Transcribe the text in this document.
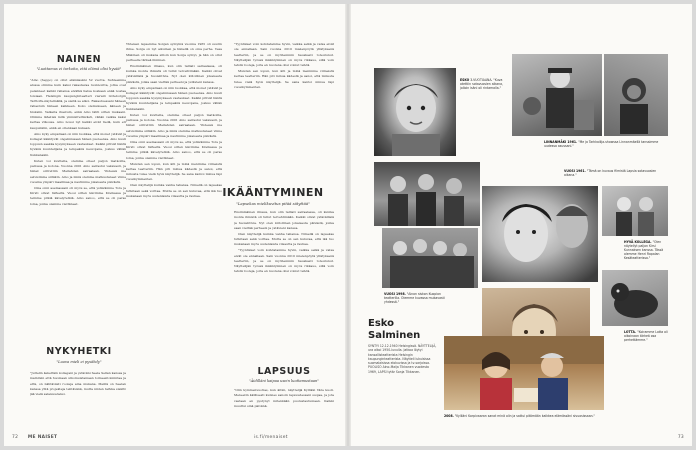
NAINEN
"Luottamus ei tarkoita, että elämä olisi hyvää"

"Aino (Seppo) on ollut elämässäni 52 vuotta. Suhteemme alussa olimme kuin kaksi rakastavaa luonnontta, jotka ovat pelanneet kaikki rahansa eivätkä halua koskaan enää nostaa toisiaan. Helsingin kaupunginteatteri vieraili Göteborgin Tarttoffe-näytelmällä, ja sieltä se alkoi. Rakastuessani häneen rahastuin häneen kaikkeen. Koko olemukseen, ääneen ja hiuksiin. Valkeita ihastuin, enkä Aino lähti sitten mukaani. Olimme lähetisä mitä ymmärrettävästi, vähän vaikka kaksi kertaa viikossa. Aino nousi nyt kaikki eivät tiedä, kuin eri kaupunkiin, enkä en ollenkaan kukaan.

Aino kyky empatiaan on niin luokkaa, että monet ystävät ja kollegat kääntyvät ongelmissaan hänen puoleensa. Aino kuuli loppuun saakka kysymykseen vastaukset. Kaikki pitivät häntä hyvänä kuuntelijana ja lempeänä neuvojana, joskus vähän tiukkanakin.

Kuten voi kuvitella, olemme olleet paljon matkoilla, pallossa ja kotona. Vuonna 2001 Aino sairastui vakavasti, ja hänet siirrettiin Meilahden sairaalaan. Yhdessä me selvisimme siitäkin. Aino ja minä olemme matkustaneet viime vuosina ympäri maailmaa ja nautimme jokaisesta päivästä.

Oma onni asemassani oli myös se, että ystävämme Tore ja Kirsti olivat tärkeitä. Vuosi sitten kävimme Kreikassa ja teimme pitkiä kävelyretkiä. Aino sanoo, että se oli paras loma, jonka olemme viettäneet.

NYKYHETKI
"Luova mieli ei pysähdy"

"Juttelin äskettäin kollegani ja ystäväni Seela Sellan kanssa ja mainitsin että huomaan ulkomuistamaan toimeentoimintaa ja että, on nähtävästi rooleja aina mukana. Meillä on Seelan kanssa yhtä projekteja tehtävänä, mutta niiden tarkka sisältö jää vielä salaisuudeksi.

Yhteisen lapsemme Sonjan syntymä vuonna 1965 oli suurin ihme. Sonja on nyt aikuinen ja hänellä on oma perhe. Vesa Mäkinen oli mukana silloin kun Sonja syntyi, ja hän on ollut perheelle tärkeä ihminen.

Ensimmäinen ilmaus, kun olin talliati sairaalassa, oli kuinka monta ihmistä oli tullut tervehtimään. Kaikki olivat ystävällisiä ja huolehtivia. Nyt olen kiitollinen jokaisesta päivästä, jonka saan viettää perheeni ja ystävieni kanssa.

Aino kyky empatiaan on niin luokkaa, että monet ystävät ja kollegat kääntyvät ongelmissaan hänen puoleensa. Aino kuuli loppuun saakka kysymykseen vastaukset. Kaikki pitivät häntä hyvänä kuuntelijana ja lempeänä neuvojana, joskus vähän tiukkanakin.

Kuten voi kuvitella, olemme olleet paljon matkoilla, pallossa ja kotona. Vuonna 2001 Aino sairastui vakavasti, ja hänet siirrettiin Meilahden sairaalaan. Yhdessä me selvisimme siitäkin. Aino ja minä olemme matkustaneet viime vuosina ympäri maailmaa ja nautimme jokaisesta päivästä.

Oma onni asemassani oli myös se, että ystävämme Tore ja Kirsti olivat tärkeitä. Vuosi sitten kävimme Kreikassa ja teimme pitkiä kävelyretkiä. Aino sanoo, että se oli paras loma, jonka olemme viettäneet.

Muistan sen lopun, kun äiti ja minä menimme viimeistä kertaa teatteriin. Hän piti minua kädestä ja sanoi, että minusta tulee vielä hyvä näyttelijä. Se sana kantoi minua läpi vuosikymmenten.

Olen näyttelijä kuinka vanha tahansa. Nimellä on lapsekas tutkitaan sekä voittaa. Mutta se on sen kuluvaa, että ikä tuo mukanaan myös uudenlaista viisautta ja rauhaa.

"Tyyntäiset voin kohdatamme hyvin, vaikka selkä ja vatsa eivät ole ennallaan. Sain vuonna 2010 mielenpöytä yllätyksenä teatteriin, ja se on myöhemmin hauskasti toteutunut. Näyttelijän työssä ikääntyminen on myös rikkaus, sillä voin tehdä rooleja, joita en nuorena olisi voinut tehdä.

Muistan sen lopun, kun äiti ja minä menimme viimeistä kertaa teatteriin. Hän piti minua kädestä ja sanoi, että minusta tulee vielä hyvä näyttelijä. Se sana kantoi minua läpi vuosikymmenten.

IKÄÄNTYMINEN
"Lapsekas mielikuvitus pitää sätyttää"

Ensimmäinen ilmaus, kun olin talliati sairaalassa, oli kuinka monta ihmistä oli tullut tervehtimään. Kaikki olivat ystävällisiä ja huolehtivia. Nyt olen kiitollinen jokaisesta päivästä, jonka saan viettää perheeni ja ystävieni kanssa.

Olen näyttelijä kuinka vanha tahansa. Nimellä on lapsekas tutkitaan sekä voittaa. Mutta se on sen kuluvaa, että ikä tuo mukanaan myös uudenlaista viisautta ja rauhaa.

"Tyyntäiset voin kohdatamme hyvin, vaikka selkä ja vatsa eivät ole ennallaan. Sain vuonna 2010 mielenpöytä yllätyksenä teatteriin, ja se on myöhemmin hauskasti toteutunut. Näyttelijän työssä ikääntyminen on myös rikkaus, sillä voin tehdä rooleja, joita en nuorena olisi voinut tehdä.

LAPSUUS
"Äidilläni kaipaa usein luottamustaan"

"Olin kymmenvuotias, kun äitini, näyttelijä Kyllikki Väre kuoli. Meneetin äkillisesti kunnes sanoin lapsuudessani suojaa, ja jota vastaan en pystynyt mitenkään puolustautumaan. Kaikki muuttui sinä päivänä.

72 ME NAISET	is.fi/menaiset	73
ESKO 3-VUOTIAANA. "Kuva otettiin sotavuosien aikana, jolloin isäni oli rintamalla."
LINNANMÄKI 1961. "Me ja Tarkkailija-showssa Linnanmäellä tanssimme uudessa asussani."
VUOSI 1961. "Tämä on kuvaus filmistä Lapsia sotavuosien aikana."
HYVÄ KOLLEGA. "Olen näytellyt paljon Kirsi Kunnaksen kanssa. Tässä olemme Henri Rapalan Kesäteatterissa."
VUOSI 1998. "Ainon siskon Kuopion teatterilla. Olemme kuvassa mukavasti yhdessä."
LOTTA. "Koiramme Lotta oli aikoinaan tärkeä osa perhettämme."
2008. "Kylliäni Korpivaaran sanat minä olin ja sattui pitämään kaikkea elämässäni sivuosissaan."
Esko
Salminen
SYNTYI 12.12.1940 Helsingissä. NÄYTTELIJÄ, ura alkoi 1950-luvulla. Jatkoa löytyi kansallisteatterista Helsingin kaupunginteatterista. Näytteli lukuisissa suomalaisissa elokuvissa ja tv-sarjoissa. PUOLISO Aino-Maija Tikkanen vuodesta 1969, LAPSI tytär Sonja Tikkanen.
